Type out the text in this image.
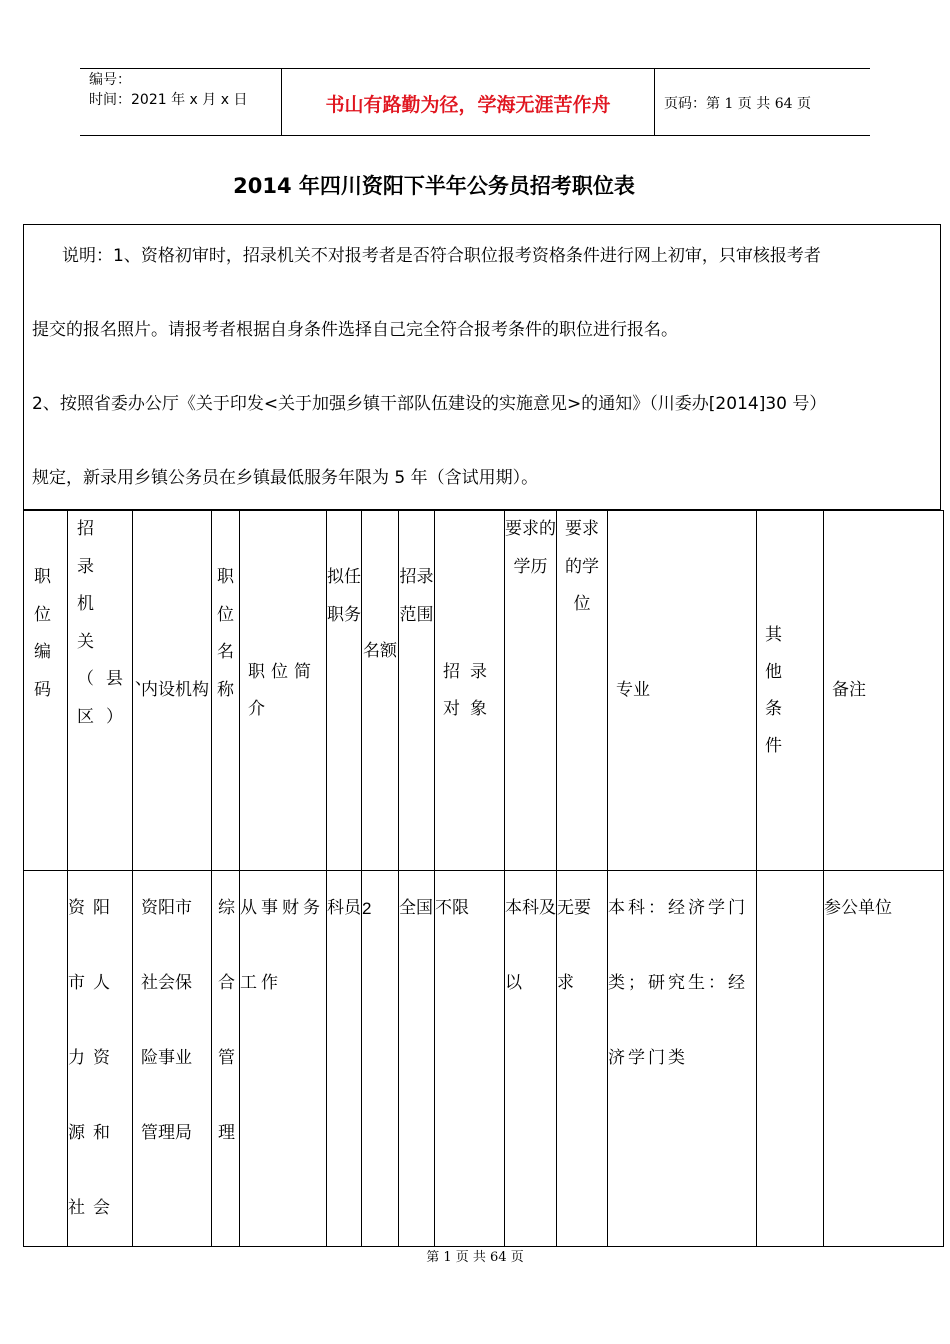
编号：
时间：2021 年 x 月 x 日	书山有路勤为径，学海无涯苦作舟	页码：第 1 页 共 64 页
2014 年四川资阳下半年公务员招考职位表
说明：1、资格初审时，招录机关不对报考者是否符合职位报考资格条件进行网上初审，只审核报考者
提交的报名照片。请报考者根据自身条件选择自己完全符合报考条件的职位进行报名。
2、按照省委办公厅《关于印发<关于加强乡镇干部队伍建设的实施意见>的通知》（川委办[2014]30 号）
规定，新录用乡镇公务员在乡镇最低服务年限为 5 年（含试用期）。
职位编码	招录机关（县、区）	内设机构	职位名称	职位简介	拟任职务	名额	招录范围	招录对象	要求的学历	要求的学位	专业	其他条件	备注
	资阳市人力资源和社会	资阳市社会保险事业管理局	综合管理	从事财务工作	科员	2	全国	不限	本科及以	无要求	本科：经济学门类；研究生：经济学门类		参公单位
第 1 页 共 64 页
